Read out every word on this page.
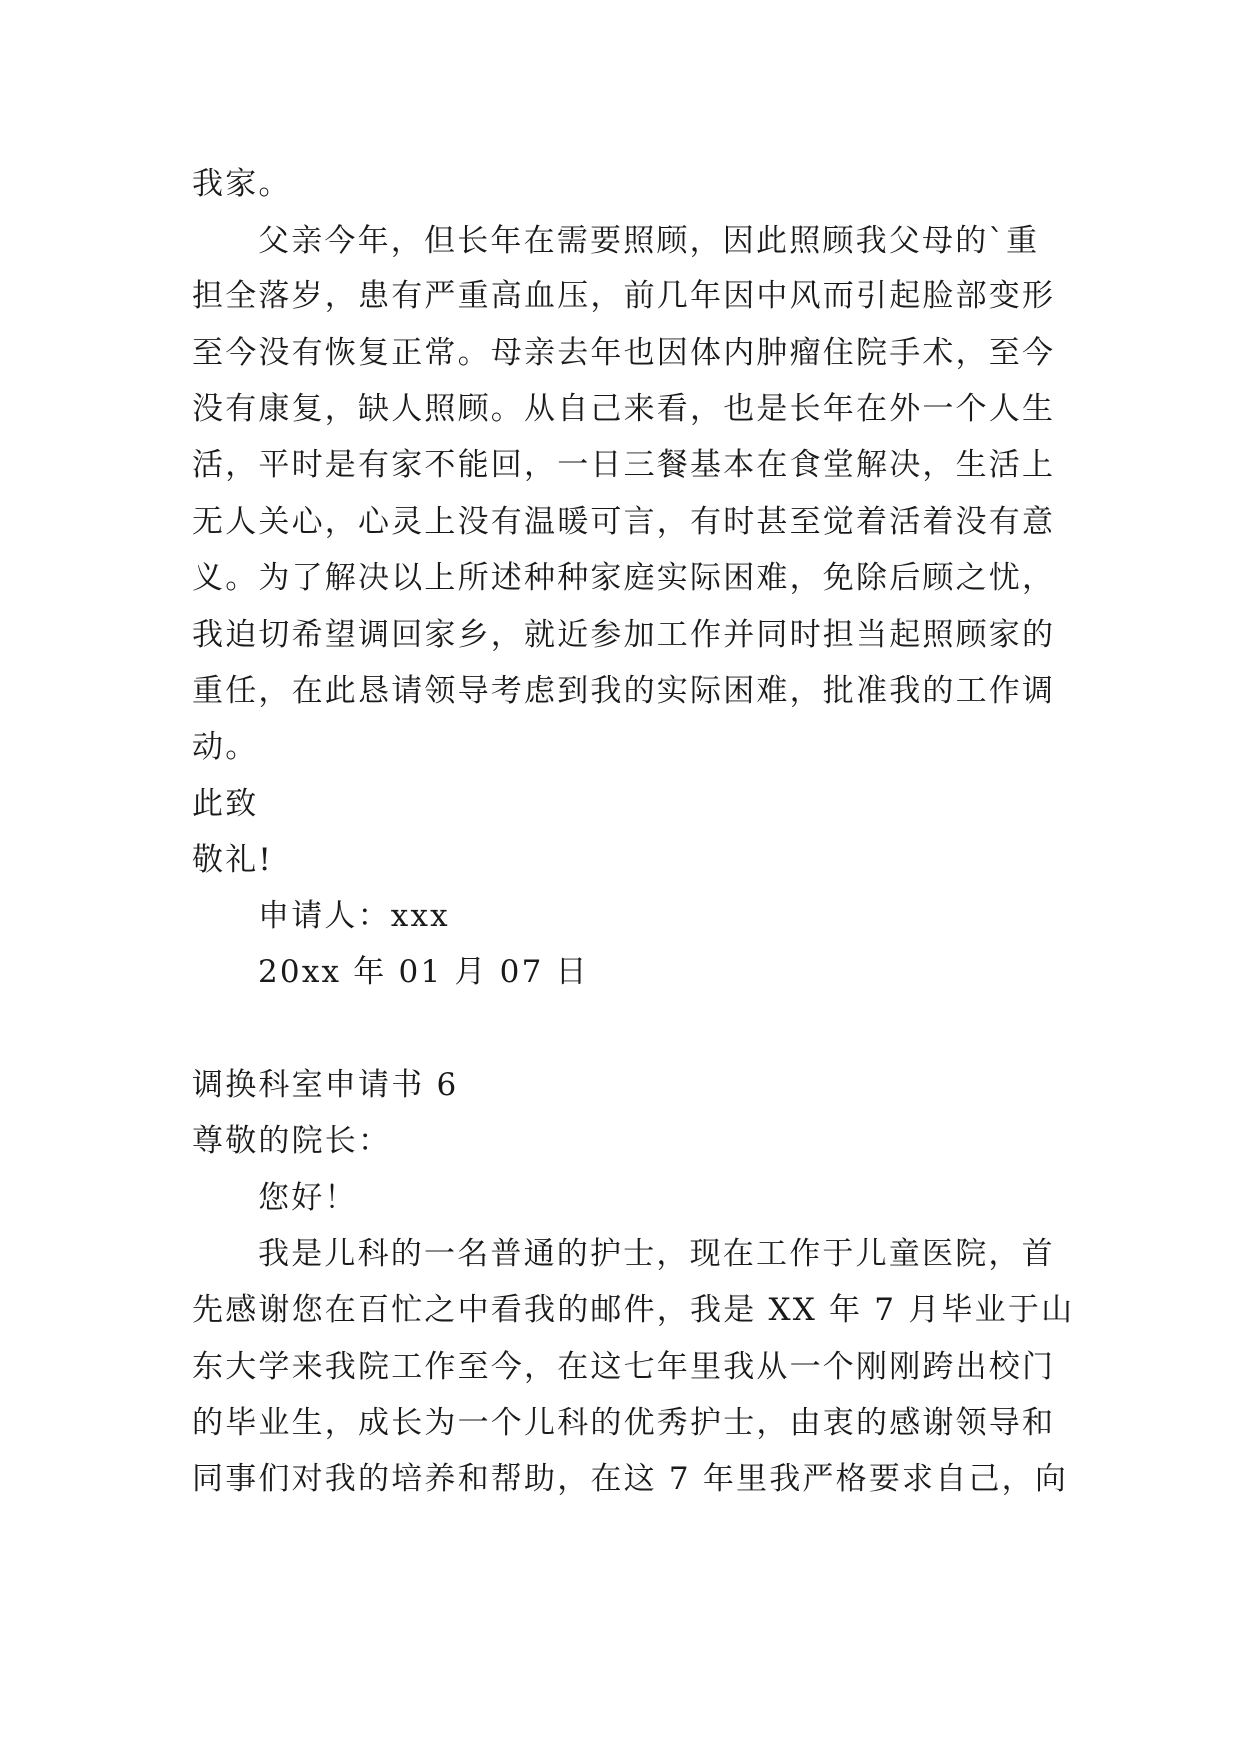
我家。
父亲今年，但长年在需要照顾，因此照顾我父母的`重
担全落岁，患有严重高血压，前几年因中风而引起脸部变形
至今没有恢复正常。母亲去年也因体内肿瘤住院手术，至今
没有康复，缺人照顾。从自己来看，也是长年在外一个人生
活，平时是有家不能回，一日三餐基本在食堂解决，生活上
无人关心，心灵上没有温暖可言，有时甚至觉着活着没有意
义。为了解决以上所述种种家庭实际困难，免除后顾之忧，
我迫切希望调回家乡，就近参加工作并同时担当起照顾家的
重任，在此恳请领导考虑到我的实际困难，批准我的工作调
动。
此致
敬礼!
申请人：xxx
20xx 年 01 月 07 日
调换科室申请书 6
尊敬的院长：
您好！
我是儿科的一名普通的护士，现在工作于儿童医院，首
先感谢您在百忙之中看我的邮件，我是 XX 年 7 月毕业于山
东大学来我院工作至今，在这七年里我从一个刚刚跨出校门
的毕业生，成长为一个儿科的优秀护士，由衷的感谢领导和
同事们对我的培养和帮助，在这 7 年里我严格要求自己，向
